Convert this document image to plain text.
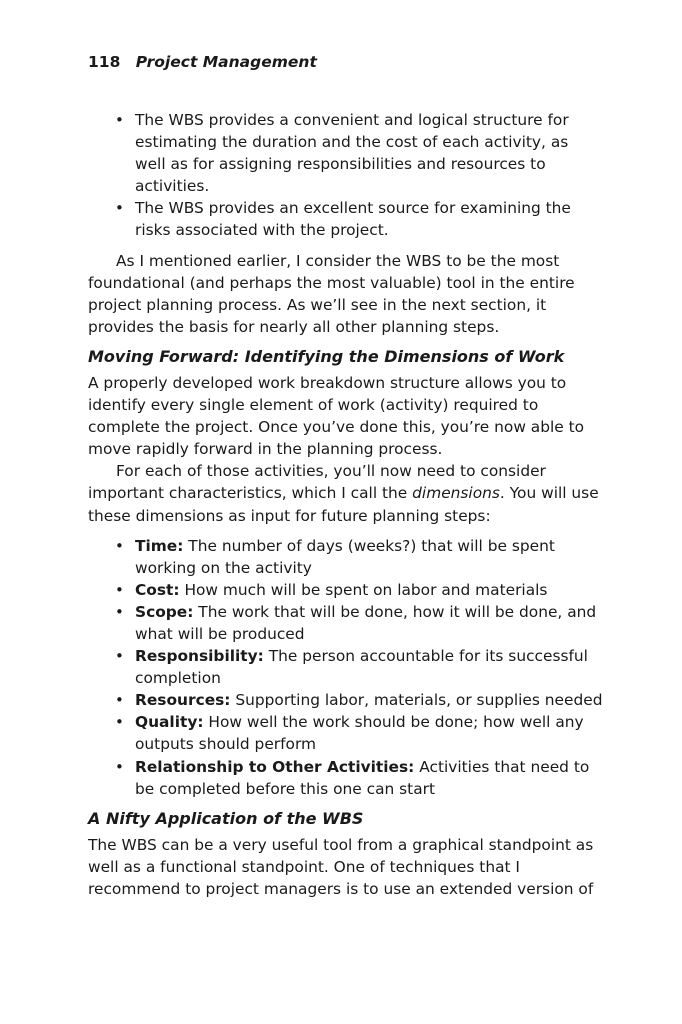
118 Project Management
• The WBS provides a convenient and logical structure for estimating the duration and the cost of each activity, as well as for assigning responsibilities and resources to activities.
• The WBS provides an excellent source for examining the risks associated with the project.

As I mentioned earlier, I consider the WBS to be the most foundational (and perhaps the most valuable) tool in the entire project planning process. As we’ll see in the next section, it provides the basis for nearly all other planning steps.

Moving Forward: Identifying the Dimensions of Work

A properly developed work breakdown structure allows you to identify every single element of work (activity) required to complete the project. Once you’ve done this, you’re now able to move rapidly forward in the planning process.

For each of those activities, you’ll now need to consider important characteristics, which I call the dimensions. You will use these dimensions as input for future planning steps:

• Time: The number of days (weeks?) that will be spent working on the activity
• Cost: How much will be spent on labor and materials
• Scope: The work that will be done, how it will be done, and what will be produced
• Responsibility: The person accountable for its successful completion
• Resources: Supporting labor, materials, or supplies needed
• Quality: How well the work should be done; how well any outputs should perform
• Relationship to Other Activities: Activities that need to be completed before this one can start
A Nifty Application of the WBS

The WBS can be a very useful tool from a graphical standpoint as well as a functional standpoint. One of techniques that I recommend to project managers is to use an extended version of
